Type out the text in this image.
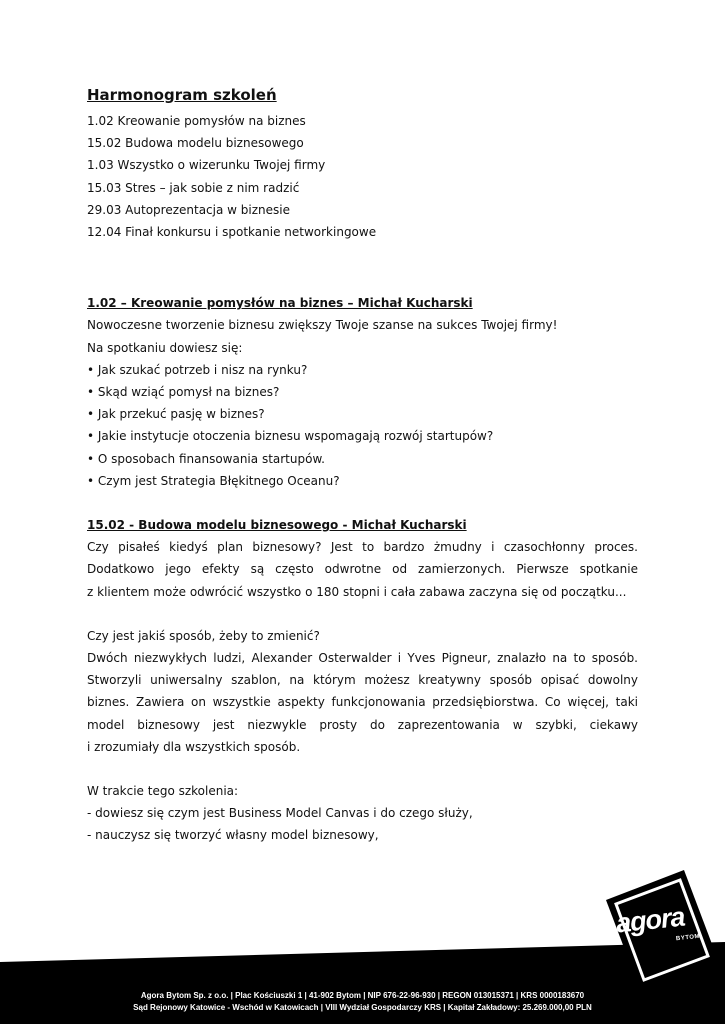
Harmonogram szkoleń
1.02 Kreowanie pomysłów na biznes
15.02 Budowa modelu biznesowego
1.03 Wszystko o wizerunku Twojej firmy
15.03 Stres – jak sobie z nim radzić
29.03 Autoprezentacja w biznesie
12.04 Finał konkursu i spotkanie networkingowe

1.02 – Kreowanie pomysłów na biznes – Michał Kucharski

Nowoczesne tworzenie biznesu zwiększy Twoje szanse na sukces Twojej firmy!

Na spotkaniu dowiesz się:

• Jak szukać potrzeb i nisz na rynku?
• Skąd wziąć pomysł na biznes?
• Jak przekuć pasję w biznes?
• Jakie instytucje otoczenia biznesu wspomagają rozwój startupów?
• O sposobach finansowania startupów.
• Czym jest Strategia Błękitnego Oceanu?

15.02 - Budowa modelu biznesowego - Michał Kucharski

Czy pisałeś kiedyś plan biznesowy? Jest to bardzo żmudny i czasochłonny proces.

Dodatkowo jego efekty są często odwrotne od zamierzonych. Pierwsze spotkanie

z klientem może odwrócić wszystko o 180 stopni i cała zabawa zaczyna się od początku...

Czy jest jakiś sposób, żeby to zmienić?

Dwóch niezwykłych ludzi, Alexander Osterwalder i Yves Pigneur, znalazło na to sposób.

Stworzyli uniwersalny szablon, na którym możesz kreatywny sposób opisać dowolny

biznes. Zawiera on wszystkie aspekty funkcjonowania przedsiębiorstwa. Co więcej, taki

model biznesowy jest niezwykle prosty do zaprezentowania w szybki, ciekawy

i zrozumiały dla wszystkich sposób.

W trakcie tego szkolenia:

- dowiesz się czym jest Business Model Canvas i do czego służy,

- nauczysz się tworzyć własny model biznesowy,

Agora Bytom Sp. z o.o. | Plac Kościuszki 1 | 41-902 Bytom | NIP 676-22-96-930 | REGON 013015371 | KRS 0000183670
Sąd Rejonowy Katowice - Wschód w Katowicach | VIII Wydział Gospodarczy KRS | Kapitał Zakładowy: 25.269.000,00 PLN
agora
BYTOM
